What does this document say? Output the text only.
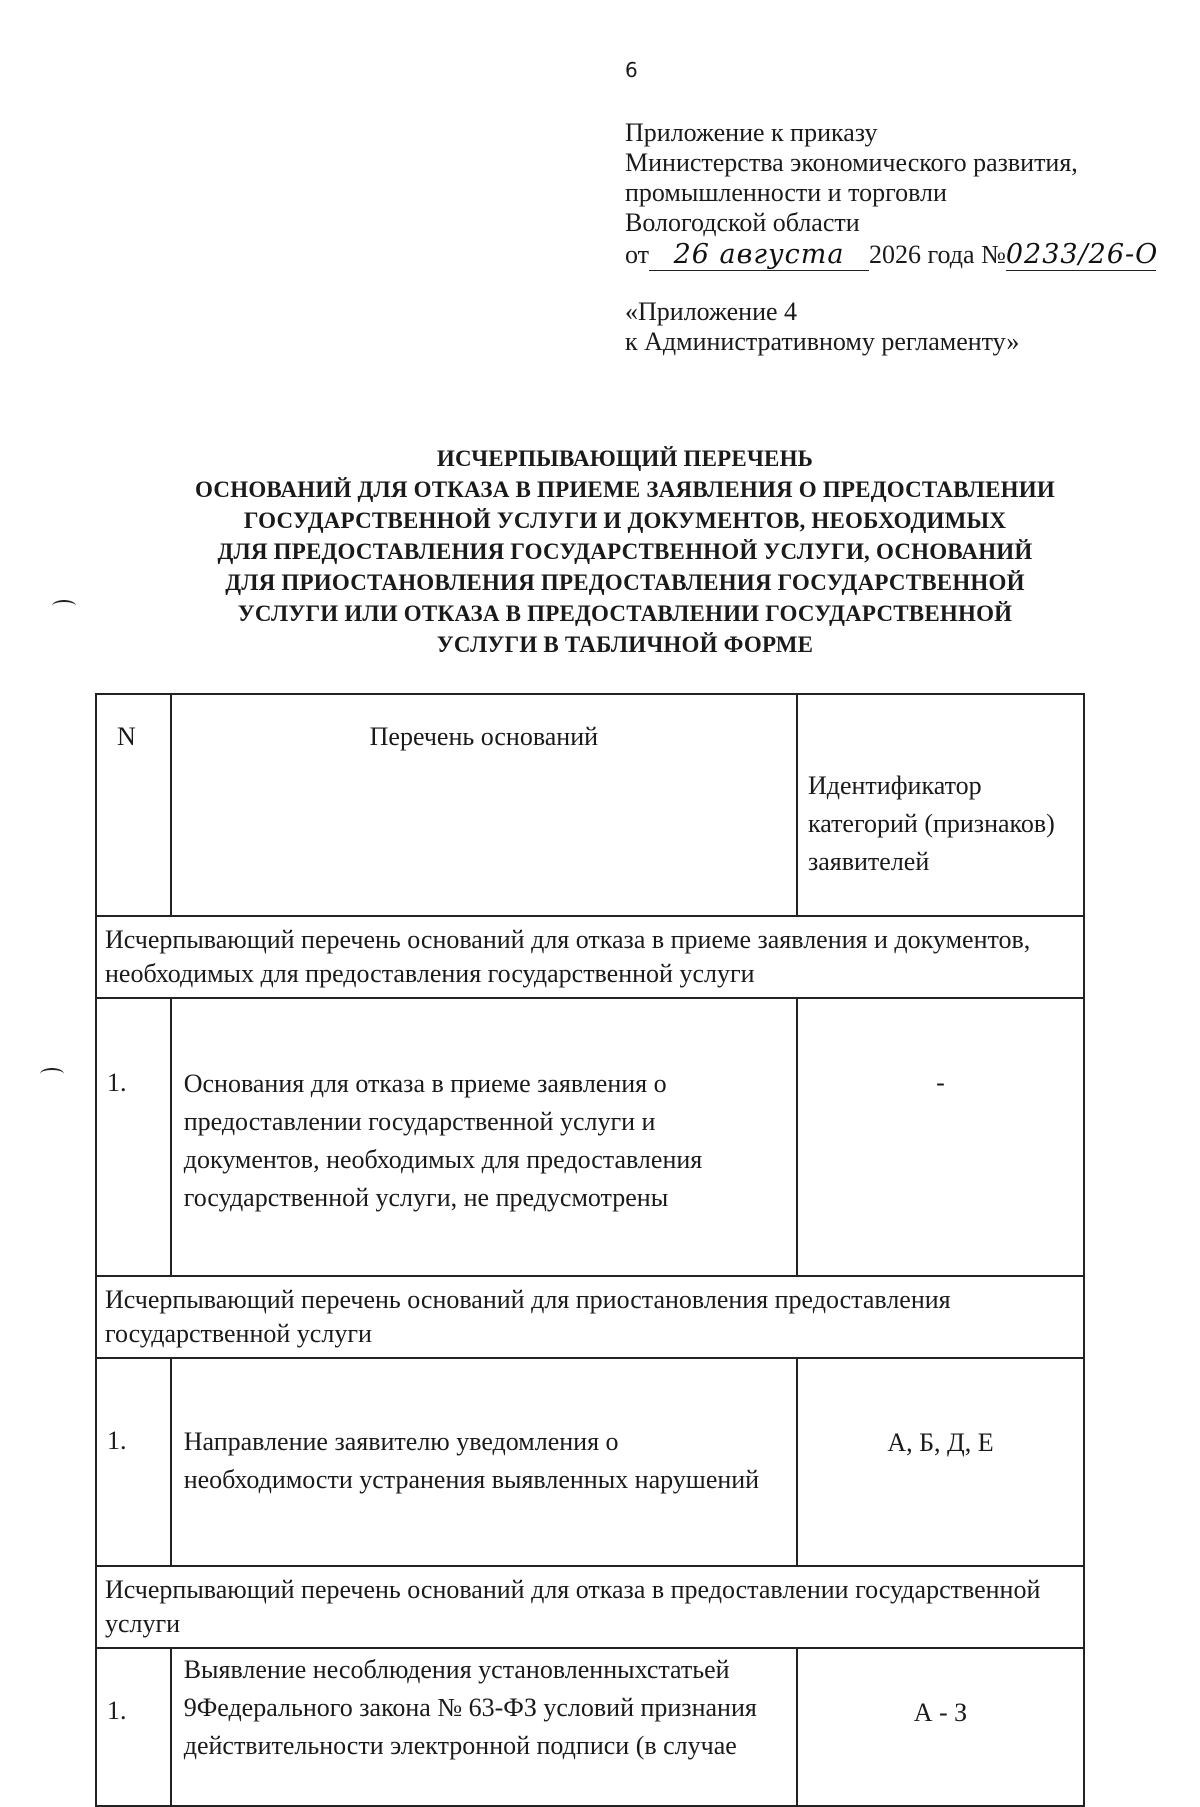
6
Приложение к приказу
Министерства экономического развития,
промышленности и торговли
Вологодской области
от 26 августа 2026 года №0233/26-О
«Приложение 4
к Административному регламенту»
ИСЧЕРПЫВАЮЩИЙ ПЕРЕЧЕНЬ
ОСНОВАНИЙ ДЛЯ ОТКАЗА В ПРИЕМЕ ЗАЯВЛЕНИЯ О ПРЕДОСТАВЛЕНИИ
ГОСУДАРСТВЕННОЙ УСЛУГИ И ДОКУМЕНТОВ, НЕОБХОДИМЫХ
ДЛЯ ПРЕДОСТАВЛЕНИЯ ГОСУДАРСТВЕННОЙ УСЛУГИ, ОСНОВАНИЙ
ДЛЯ ПРИОСТАНОВЛЕНИЯ ПРЕДОСТАВЛЕНИЯ ГОСУДАРСТВЕННОЙ
УСЛУГИ ИЛИ ОТКАЗА В ПРЕДОСТАВЛЕНИИ ГОСУДАРСТВЕННОЙ
УСЛУГИ В ТАБЛИЧНОЙ ФОРМЕ
N	Перечень оснований	Идентификатор категорий (признаков) заявителей
Исчерпывающий перечень оснований для отказа в приеме заявления и документов, необходимых для предоставления государственной услуги		
1.	Основания для отказа в приеме заявления о предоставлении государственной услуги и документов, необходимых для предоставления государственной услуги, не предусмотрены	-
Исчерпывающий перечень оснований для приостановления предоставления государственной услуги		
1.	Направление заявителю уведомления о необходимости устранения выявленных нарушений	А, Б, Д, Е
Исчерпывающий перечень оснований для отказа в предоставлении государственной услуги		
1.	Выявление несоблюдения установленныхстатьей 9Федерального закона № 63-ФЗ условий признания действительности электронной подписи (в случае	А - З
